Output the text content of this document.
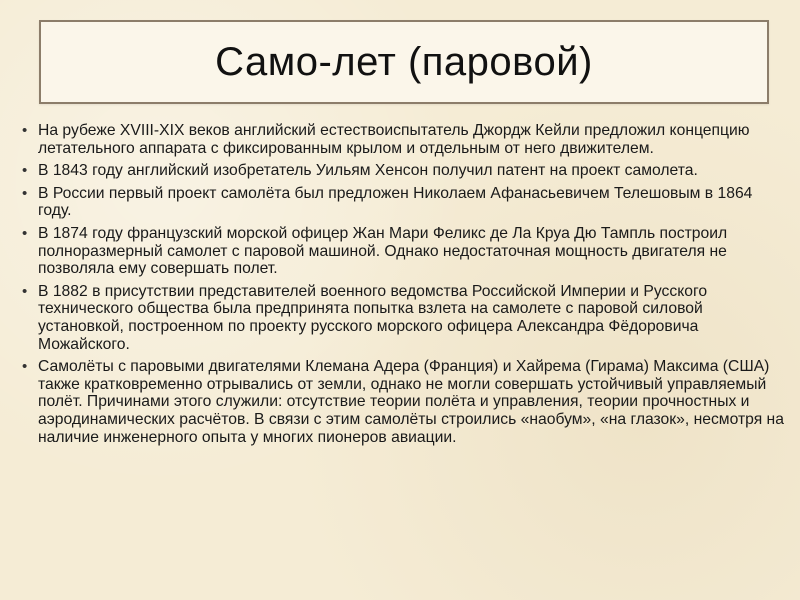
Само-лет (паровой)
• На рубеже XVIII-XIX веков английский естествоиспытатель Джордж Кейли предложил концепцию летательного аппарата с фиксированным крылом и отдельным от него движителем.
• В 1843 году английский изобретатель Уильям Хенсон получил патент на проект самолета.
• В России первый проект самолёта был предложен Николаем Афанасьевичем Телешовым в 1864 году.
• В 1874 году французский морской офицер Жан Мари Феликс де Ла Круа Дю Тампль построил полноразмерный самолет с паровой машиной. Однако недостаточная мощность двигателя не позволяла ему совершать полет.
• В 1882 в присутствии представителей военного ведомства Российской Империи и Русского технического общества была предпринята попытка взлета на самолете с паровой силовой установкой, построенном по проекту русского морского офицера Александра Фёдоровича Можайского.
• Самолёты с паровыми двигателями Клемана Адера (Франция) и Хайрема (Гирама) Максима (США) также кратковременно отрывались от земли, однако не могли совершать устойчивый управляемый полёт. Причинами этого служили: отсутствие теории полёта и управления, теории прочностных и аэродинамических расчётов. В связи с этим самолёты строились «наобум», «на глазок», несмотря на наличие инженерного опыта у многих пионеров авиации.
